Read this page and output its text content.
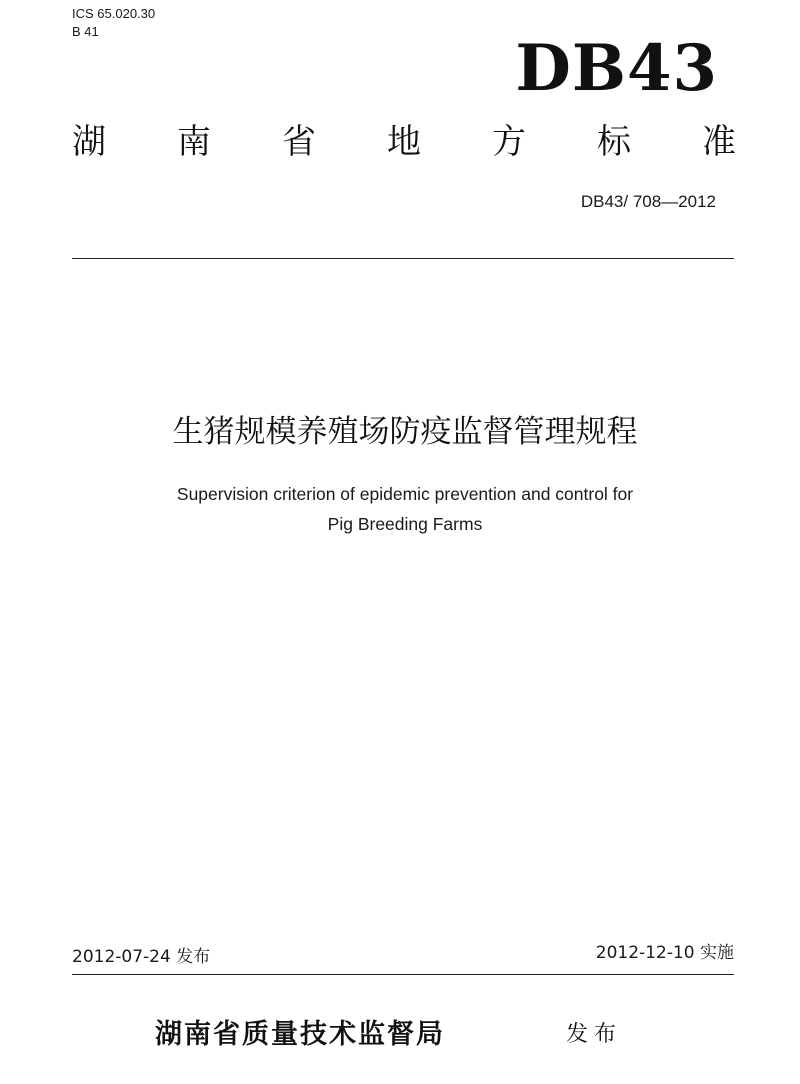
ICS 65.020.30
B 41	DB43
湖 南 省 地 方 标 准
DB43/ 708—2012
生猪规模养殖场防疫监督管理规程
Supervision criterion of epidemic prevention and control for
Pig Breeding Farms
2012-07-24 发布	2012-12-10 实施
湖南省质量技术监督局	发布
